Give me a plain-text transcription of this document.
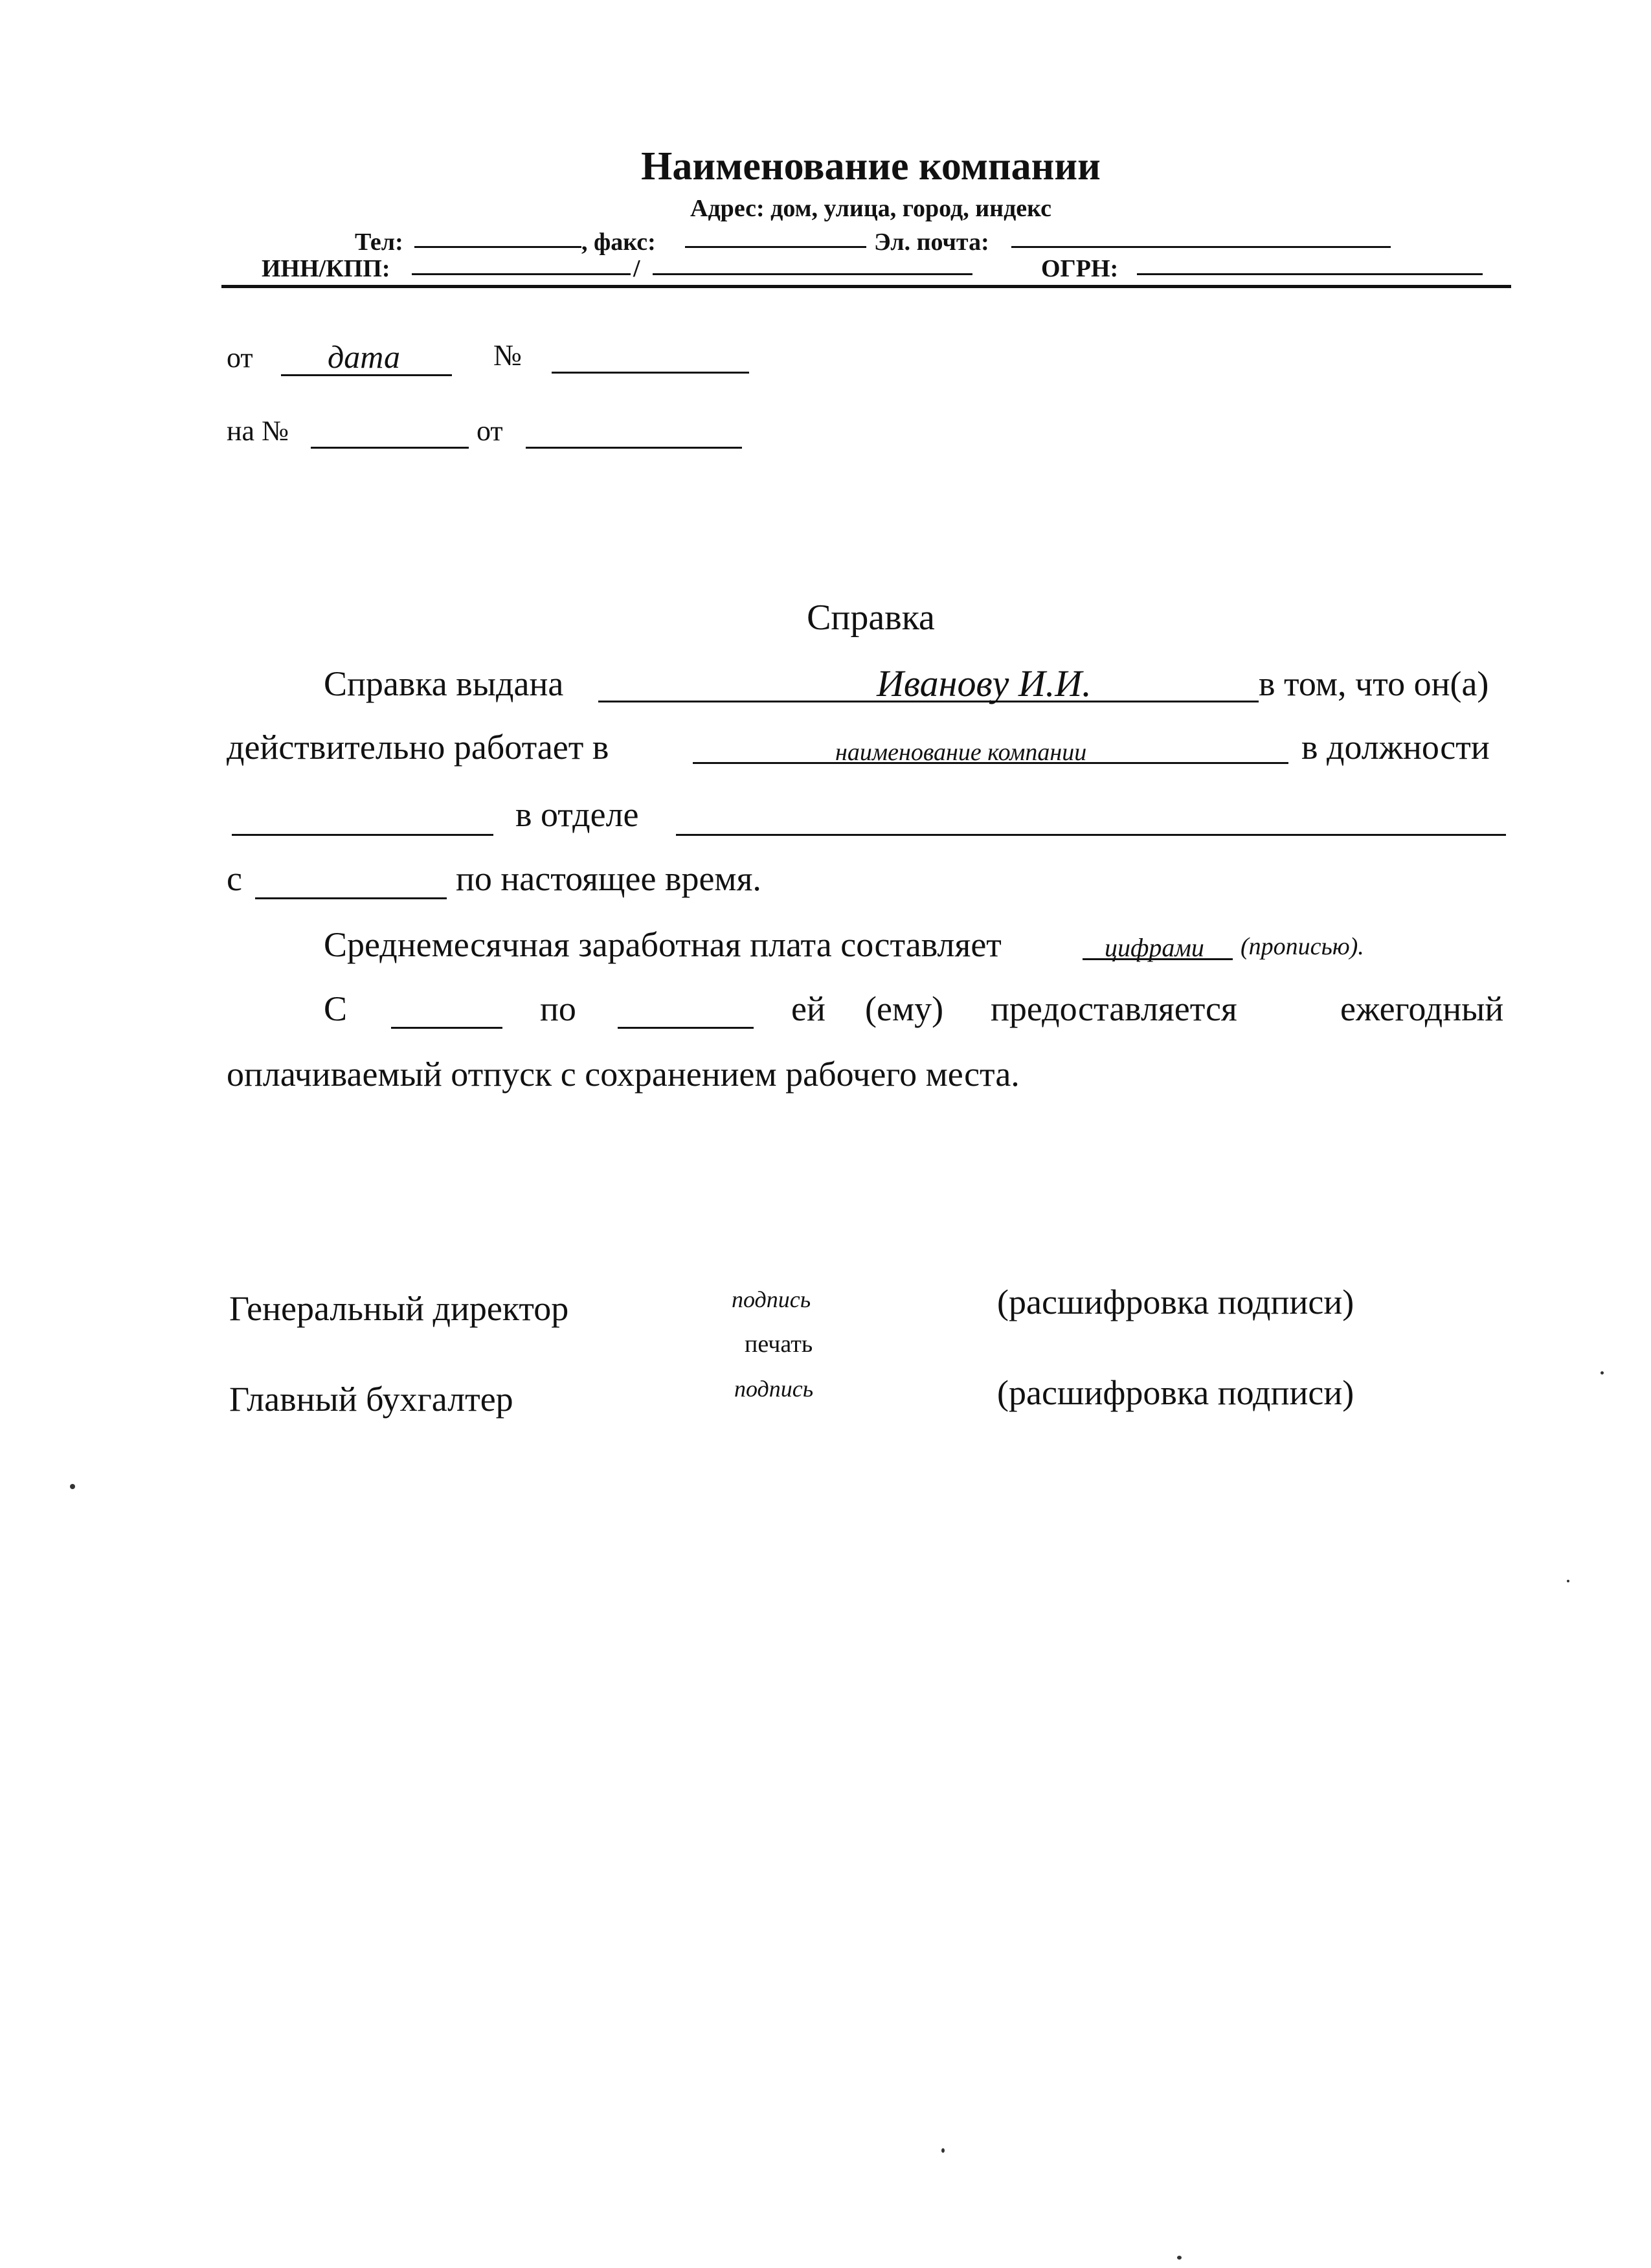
Наименование компании
Адрес: дом, улица, город, индекс
Тел:	, факс:	Эл. почта:
ИНН/КПП:	/	ОГРН:
от дата	№
на №	от
Справка
Справка выдана	Иванову И.И.	в том, что он(а)
действительно работает в	наименование компании	в должности
в отделе
с	по настоящее время.
Среднемесячная заработная плата составляет	цифрами (прописью).
С	по	ей (ему) предоставляется	ежегодный
оплачиваемый отпуск с сохранением рабочего места.
Генеральный директор	подпись	(расшифровка подписи)
печать
Главный бухгалтер	подпись	(расшифровка подписи)
